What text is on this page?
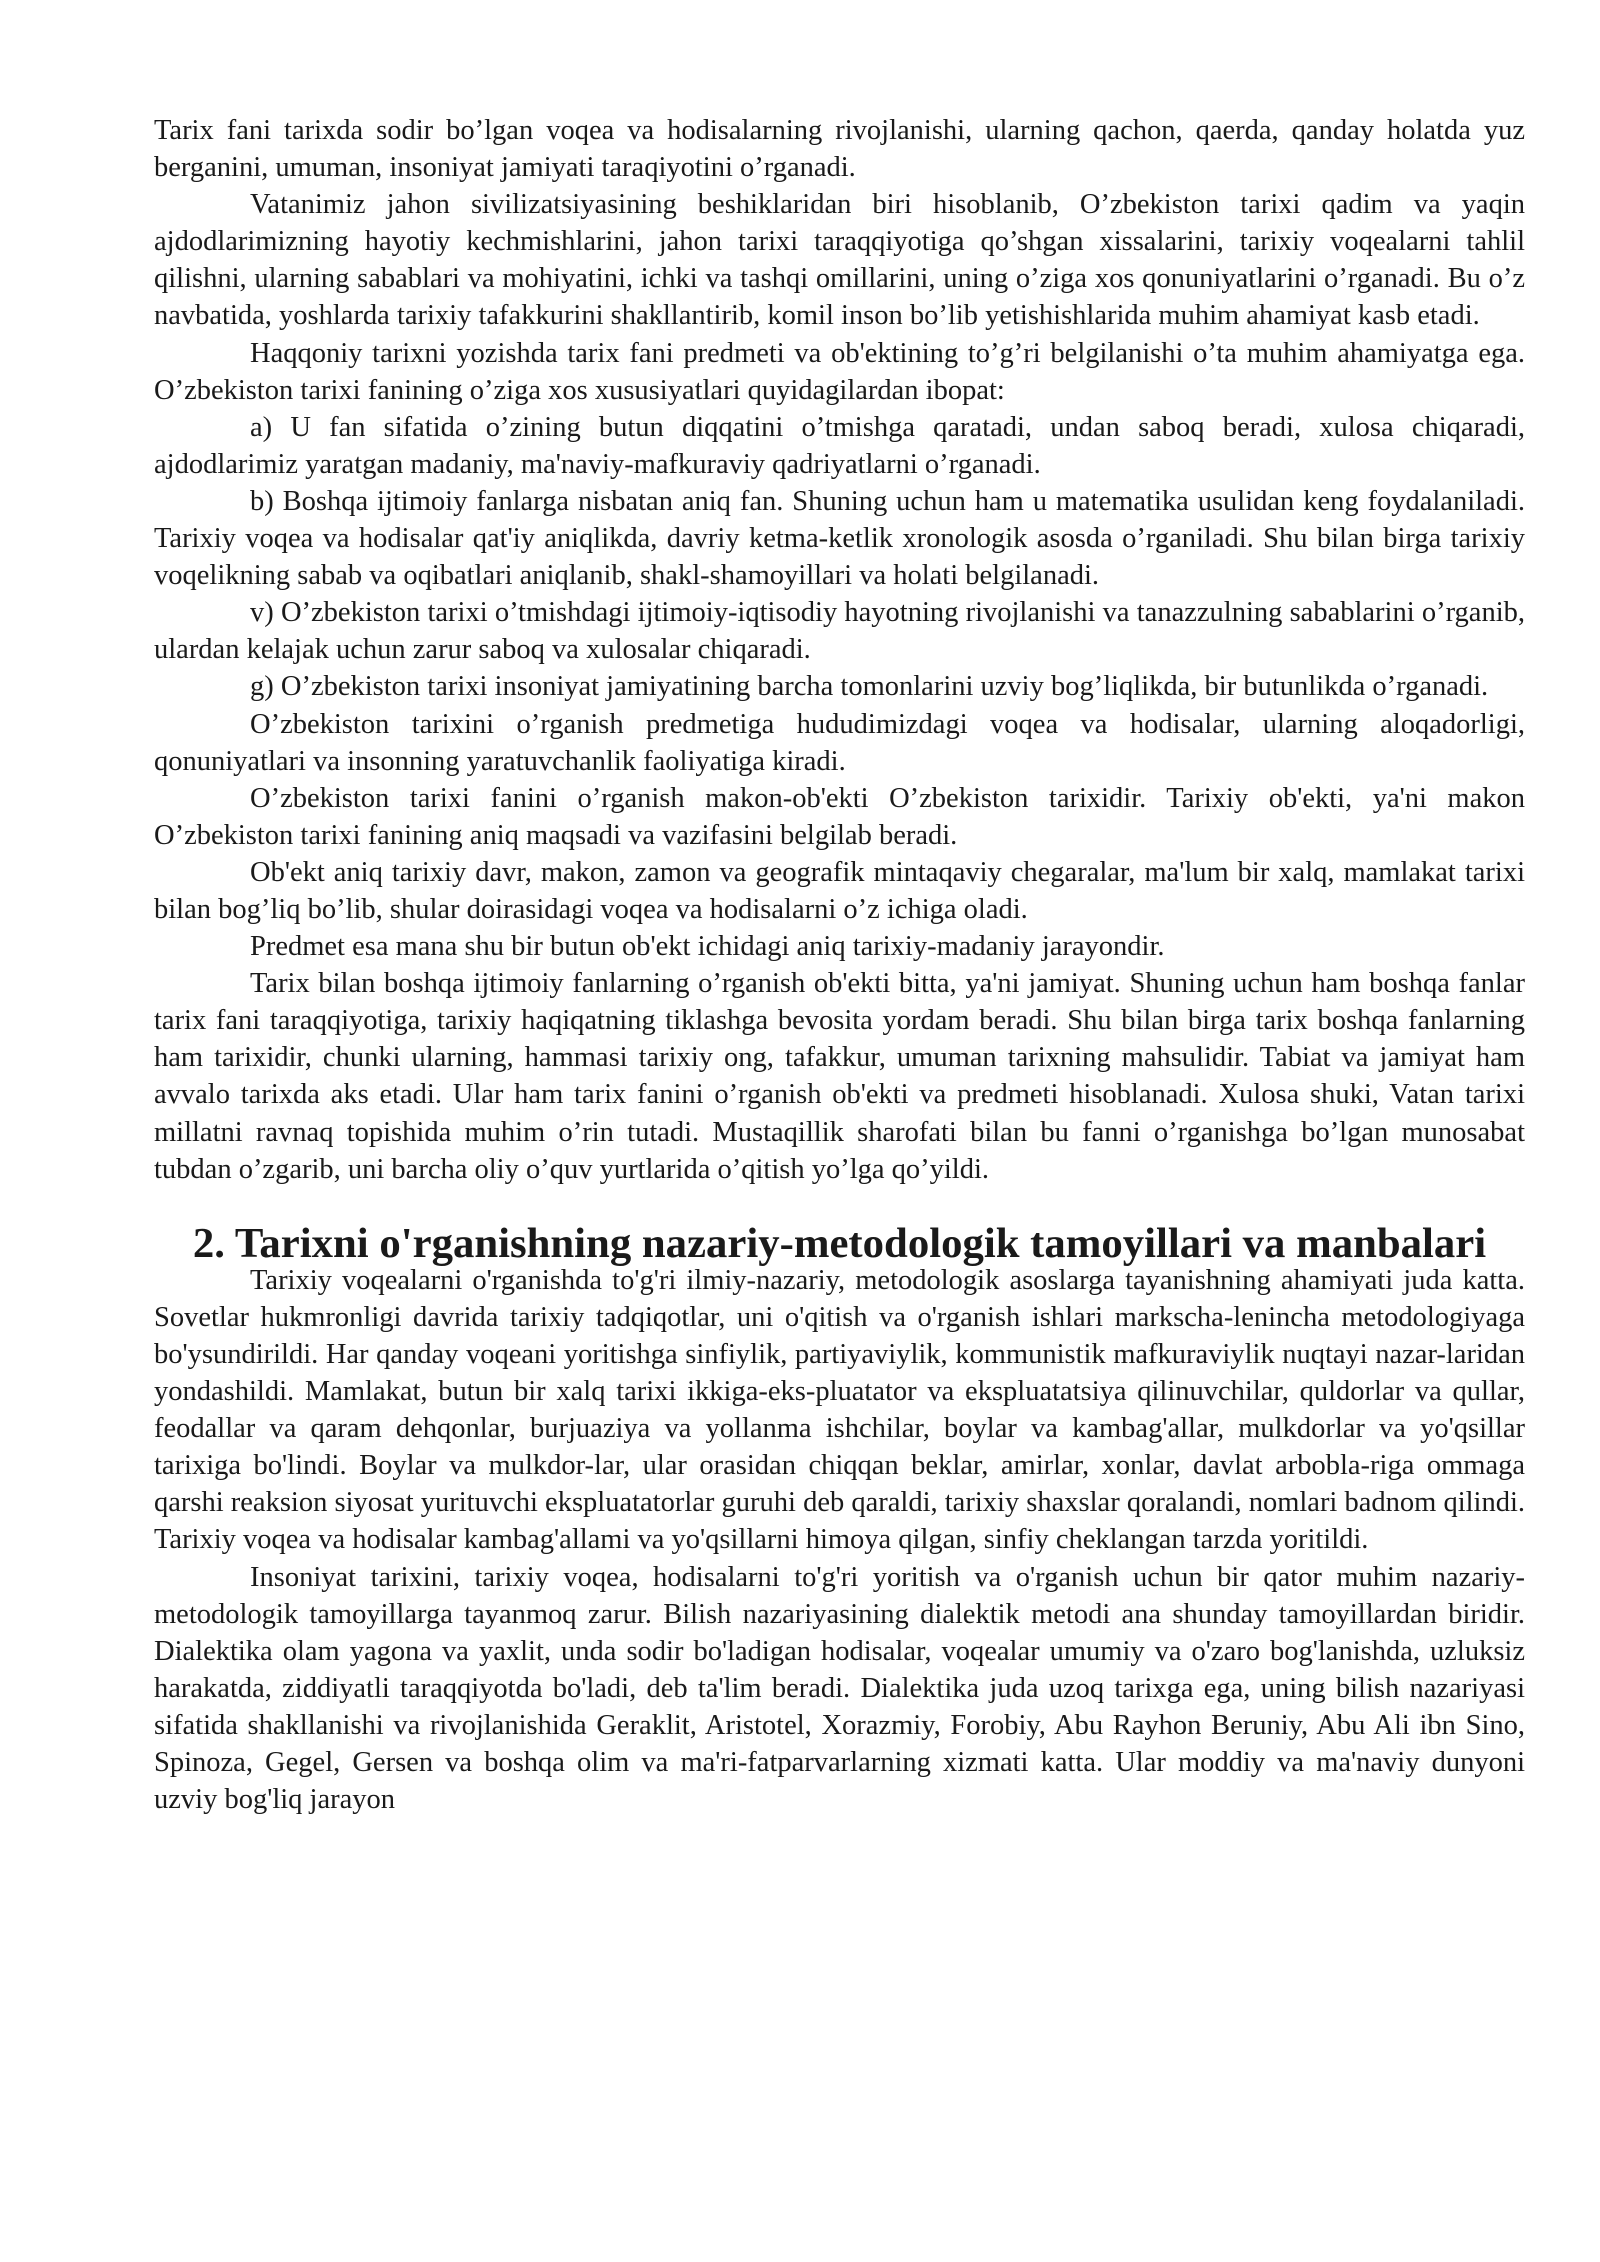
Tarix fani tarixda sodir bo’lgan voqea va hodisalarning rivojlanishi, ularning qachon, qaerda, qanday holatda yuz berganini, umuman, insoniyat jamiyati taraqiyotini o’rganadi.

Vatanimiz jahon sivilizatsiyasining beshiklaridan biri hisoblanib, O’zbekiston tarixi qadim va yaqin ajdodlarimizning hayotiy kechmishlarini, jahon tarixi taraqqiyotiga qo’shgan xissalarini, tarixiy voqealarni tahlil qilishni, ularning sabablari va mohiyatini, ichki va tashqi omillarini, uning o’ziga xos qonuniyatlarini o’rganadi. Bu o’z navbatida, yoshlarda tarixiy tafakkurini shakllantirib, komil inson bo’lib yetishishlarida muhim ahamiyat kasb etadi.

Haqqoniy tarixni yozishda tarix fani predmeti va ob'ektining to’g’ri belgilanishi o’ta muhim ahamiyatga ega. O’zbekiston tarixi fanining o’ziga xos xususiyatlari quyidagilardan ibopat:

a) U fan sifatida o’zining butun diqqatini o’tmishga qaratadi, undan saboq beradi, xulosa chiqaradi, ajdodlarimiz yaratgan madaniy, ma'naviy-mafkuraviy qadriyatlarni o’rganadi.

b) Boshqa ijtimoiy fanlarga nisbatan aniq fan. Shuning uchun ham u matematika usulidan keng foydalaniladi. Tarixiy voqea va hodisalar qat'iy aniqlikda, davriy ketma-ketlik xronologik asosda o’rganiladi. Shu bilan birga tarixiy voqelikning sabab va oqibatlari aniqlanib, shakl-shamoyillari va holati belgilanadi.

v) O’zbekiston tarixi o’tmishdagi ijtimoiy-iqtisodiy hayotning rivojlanishi va tanazzulning sabablarini o’rganib, ulardan kelajak uchun zarur saboq va xulosalar chiqaradi.

g) O’zbekiston tarixi insoniyat jamiyatining barcha tomonlarini uzviy bog’liqlikda, bir butunlikda o’rganadi.

O’zbekiston tarixini o’rganish predmetiga hududimizdagi voqea va hodisalar, ularning aloqadorligi, qonuniyatlari va insonning yaratuvchanlik faoliyatiga kiradi.

O’zbekiston tarixi fanini o’rganish makon-ob'ekti O’zbekiston tarixidir. Tarixiy ob'ekti, ya'ni makon O’zbekiston tarixi fanining aniq maqsadi va vazifasini belgilab beradi.

Ob'ekt aniq tarixiy davr, makon, zamon va geografik mintaqaviy chegaralar, ma'lum bir xalq, mamlakat tarixi bilan bog’liq bo’lib, shular doirasidagi voqea va hodisalarni o’z ichiga oladi.

Predmet esa mana shu bir butun ob'ekt ichidagi aniq tarixiy-madaniy jarayondir.

Tarix bilan boshqa ijtimoiy fanlarning o’rganish ob'ekti bitta, ya'ni jamiyat. Shuning uchun ham boshqa fanlar tarix fani taraqqiyotiga, tarixiy haqiqatning tiklashga bevosita yordam beradi. Shu bilan birga tarix boshqa fanlarning ham tarixidir, chunki ularning, hammasi tarixiy ong, tafakkur, umuman tarixning mahsulidir. Tabiat va jamiyat ham avvalo tarixda aks etadi. Ular ham tarix fanini o’rganish ob'ekti va predmeti hisoblanadi. Xulosa shuki, Vatan tarixi millatni ravnaq topishida muhim o’rin tutadi. Mustaqillik sharofati bilan bu fanni o’rganishga bo’lgan munosabat tubdan o’zgarib, uni barcha oliy o’quv yurtlarida o’qitish yo’lga qo’yildi.

2. Tarixni o'rganishning nazariy-metodologik tamoyillari va manbalari

Tarixiy voqealarni o'rganishda to'g'ri ilmiy-nazariy, metodologik asoslarga tayanishning ahamiyati juda katta. Sovetlar hukmronligi davrida tarixiy tadqiqotlar, uni o'qitish va o'rganish ishlari markscha-lenincha metodologiyaga bo'ysundirildi. Har qanday voqeani yoritishga sinfiylik, partiyaviylik, kommunistik mafkuraviylik nuqtayi nazar-laridan yondashildi. Mamlakat, butun bir xalq tarixi ikkiga-eks-pluatator va ekspluatatsiya qilinuvchilar, quldorlar va qullar, feodallar va qaram dehqonlar, burjuaziya va yollanma ishchilar, boylar va kambag'allar, mulkdorlar va yo'qsillar tarixiga bo'lindi. Boylar va mulkdor-lar, ular orasidan chiqqan beklar, amirlar, xonlar, davlat arbobla-riga ommaga qarshi reaksion siyosat yurituvchi ekspluatatorlar guruhi deb qaraldi, tarixiy shaxslar qoralandi, nomlari badnom qilindi. Tarixiy voqea va hodisalar kambag'allami va yo'qsillarni himoya qilgan, sinfiy cheklangan tarzda yoritildi.

Insoniyat tarixini, tarixiy voqea, hodisalarni to'g'ri yoritish va o'rganish uchun bir qator muhim nazariy-metodologik tamoyillarga tayanmoq zarur. Bilish nazariyasining dialektik metodi ana shunday tamoyillardan biridir. Dialektika olam yagona va yaxlit, unda sodir bo'ladigan hodisalar, voqealar umumiy va o'zaro bog'lanishda, uzluksiz harakatda, ziddiyatli taraqqiyotda bo'ladi, deb ta'lim beradi. Dialektika juda uzoq tarixga ega, uning bilish nazariyasi sifatida shakllanishi va rivojlanishida Geraklit, Aristotel, Xorazmiy, Forobiy, Abu Rayhon Beruniy, Abu Ali ibn Sino, Spinoza, Gegel, Gersen va boshqa olim va ma'ri-fatparvarlarning xizmati katta. Ular moddiy va ma'naviy dunyoni uzviy bog'liq jarayon
